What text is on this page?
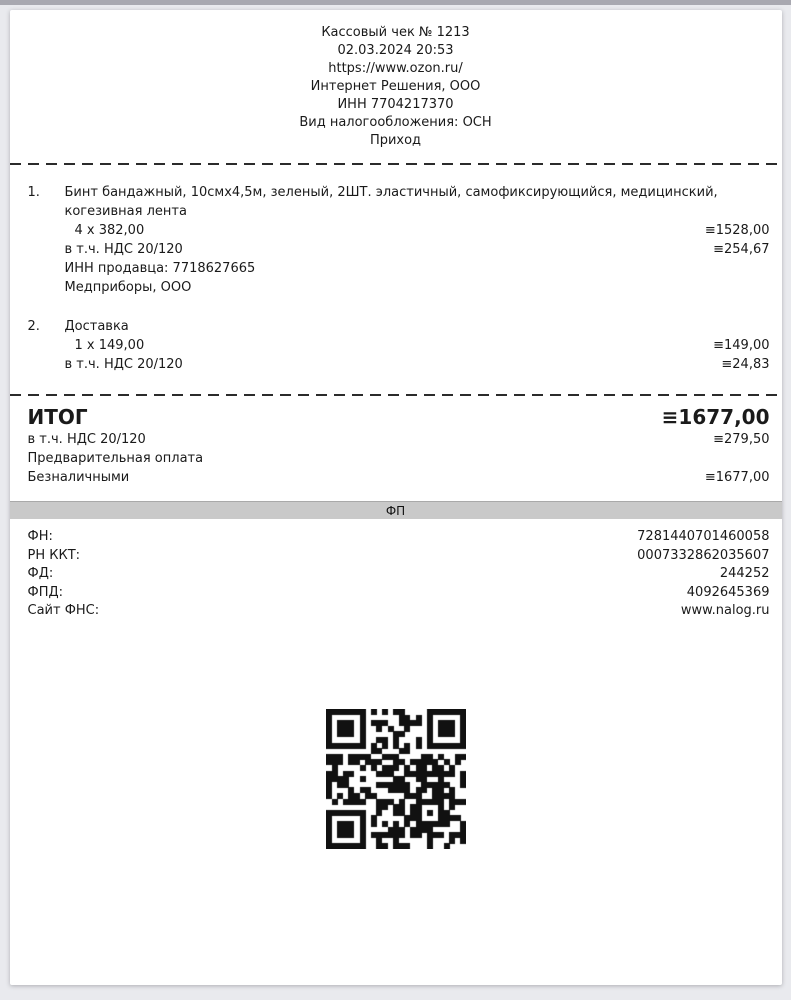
Кассовый чек № 1213
02.03.2024 20:53
https://www.ozon.ru/
Интернет Решения, ООО
ИНН 7704217370
Вид налогообложения: ОСН
Приход
1.	Бинт бандажный, 10смх4,5м, зеленый, 2ШТ. эластичный, самофиксирующийся, медицинский, когезивная лента
4 x 382,00	≡1528,00
в т.ч. НДС 20/120	≡254,67
ИНН продавца: 7718627665
Медприборы, ООО
2.	Доставка
1 x 149,00	≡149,00
в т.ч. НДС 20/120	≡24,83
ИТОГ	≡1677,00
в т.ч. НДС 20/120	≡279,50
Предварительная оплата
Безналичными	≡1677,00
ФП
ФН:	7281440701460058
РН ККТ:	0007332862035607
ФД:	244252
ФПД:	4092645369
Сайт ФНС:	www.nalog.ru
